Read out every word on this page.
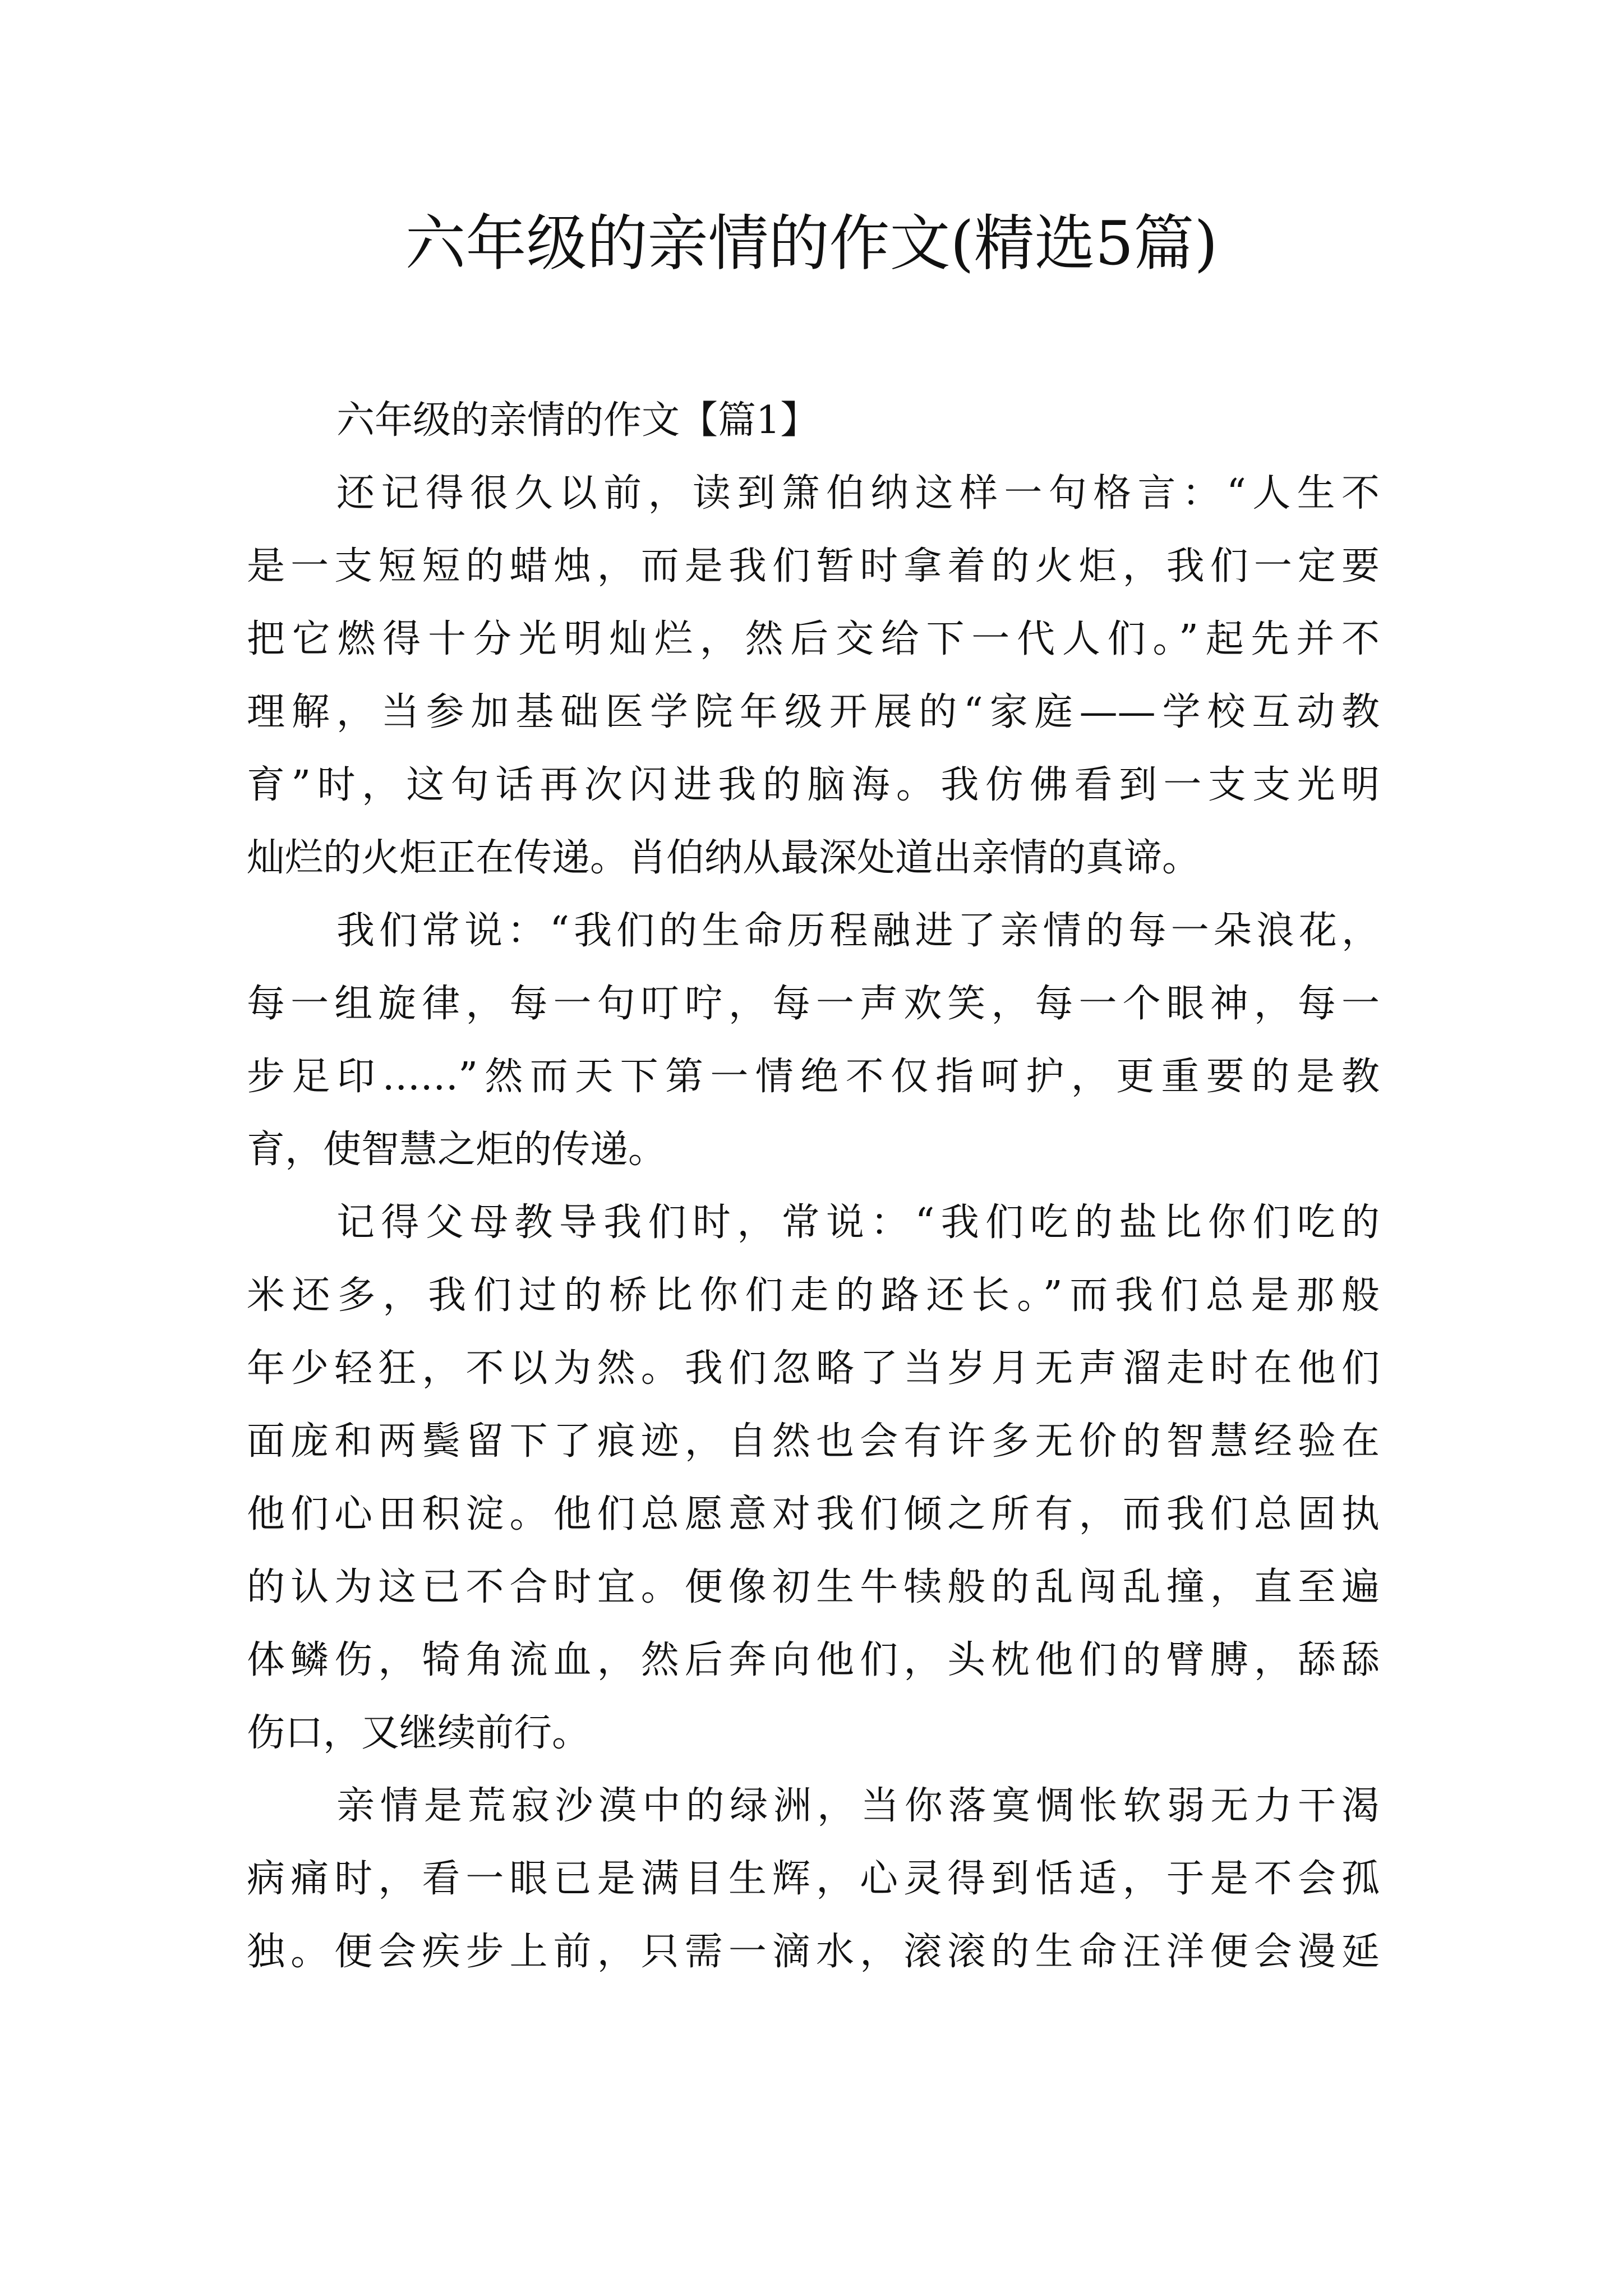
六年级的亲情的作文(精选5篇)
六年级的亲情的作文【篇1】
还记得很久以前，读到箫伯纳这样一句格言：“人生不
是一支短短的蜡烛，而是我们暂时拿着的火炬，我们一定要
把它燃得十分光明灿烂，然后交给下一代人们。”起先并不
理解，当参加基础医学院年级开展的“家庭——学校互动教
育”时，这句话再次闪进我的脑海。我仿佛看到一支支光明
灿烂的火炬正在传递。肖伯纳从最深处道出亲情的真谛。
我们常说：“我们的生命历程融进了亲情的每一朵浪花，
每一组旋律，每一句叮咛，每一声欢笑，每一个眼神，每一
步足印……”然而天下第一情绝不仅指呵护，更重要的是教
育，使智慧之炬的传递。
记得父母教导我们时，常说：“我们吃的盐比你们吃的
米还多，我们过的桥比你们走的路还长。”而我们总是那般
年少轻狂，不以为然。我们忽略了当岁月无声溜走时在他们
面庞和两鬓留下了痕迹，自然也会有许多无价的智慧经验在
他们心田积淀。他们总愿意对我们倾之所有，而我们总固执
的认为这已不合时宜。便像初生牛犊般的乱闯乱撞，直至遍
体鳞伤，犄角流血，然后奔向他们，头枕他们的臂膊，舔舔
伤口，又继续前行。
亲情是荒寂沙漠中的绿洲，当你落寞惆怅软弱无力干渴
病痛时，看一眼已是满目生辉，心灵得到恬适，于是不会孤
独。便会疾步上前，只需一滴水，滚滚的生命汪洋便会漫延
